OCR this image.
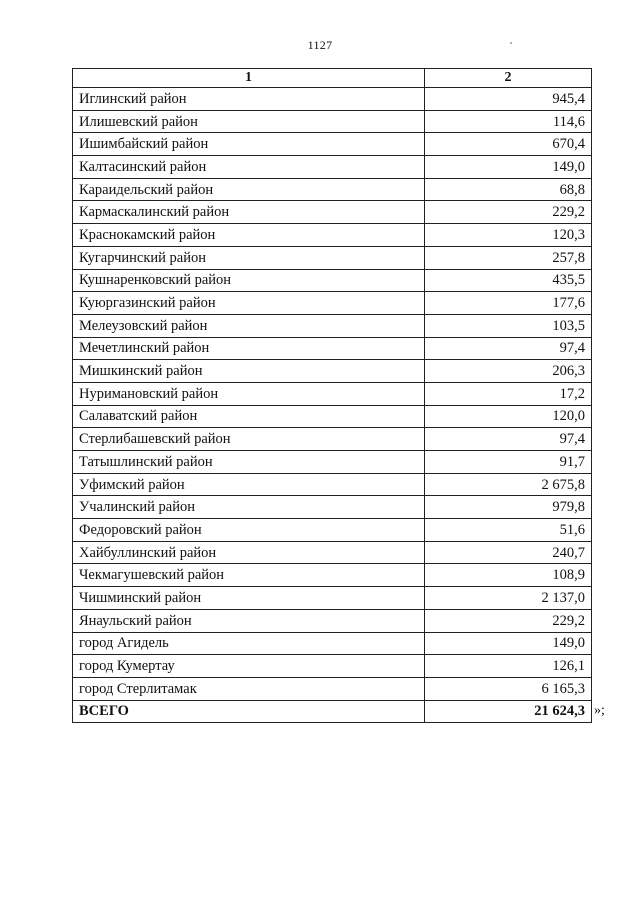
1127
1	2
Иглинский район	945,4
Илишевский район	114,6
Ишимбайский район	670,4
Калтасинский район	149,0
Караидельский район	68,8
Кармаскалинский район	229,2
Краснокамский район	120,3
Кугарчинский район	257,8
Кушнаренковский район	435,5
Куюргазинский район	177,6
Мелеузовский район	103,5
Мечетлинский район	97,4
Мишкинский район	206,3
Нуримановский район	17,2
Салаватский район	120,0
Стерлибашевский район	97,4
Татышлинский район	91,7
Уфимский район	2 675,8
Учалинский район	979,8
Федоровский район	51,6
Хайбуллинский район	240,7
Чекмагушевский район	108,9
Чишминский район	2 137,0
Янаульский район	229,2
город Агидель	149,0
город Кумертау	126,1
город Стерлитамак	6 165,3
ВСЕГО	21 624,3 »;
